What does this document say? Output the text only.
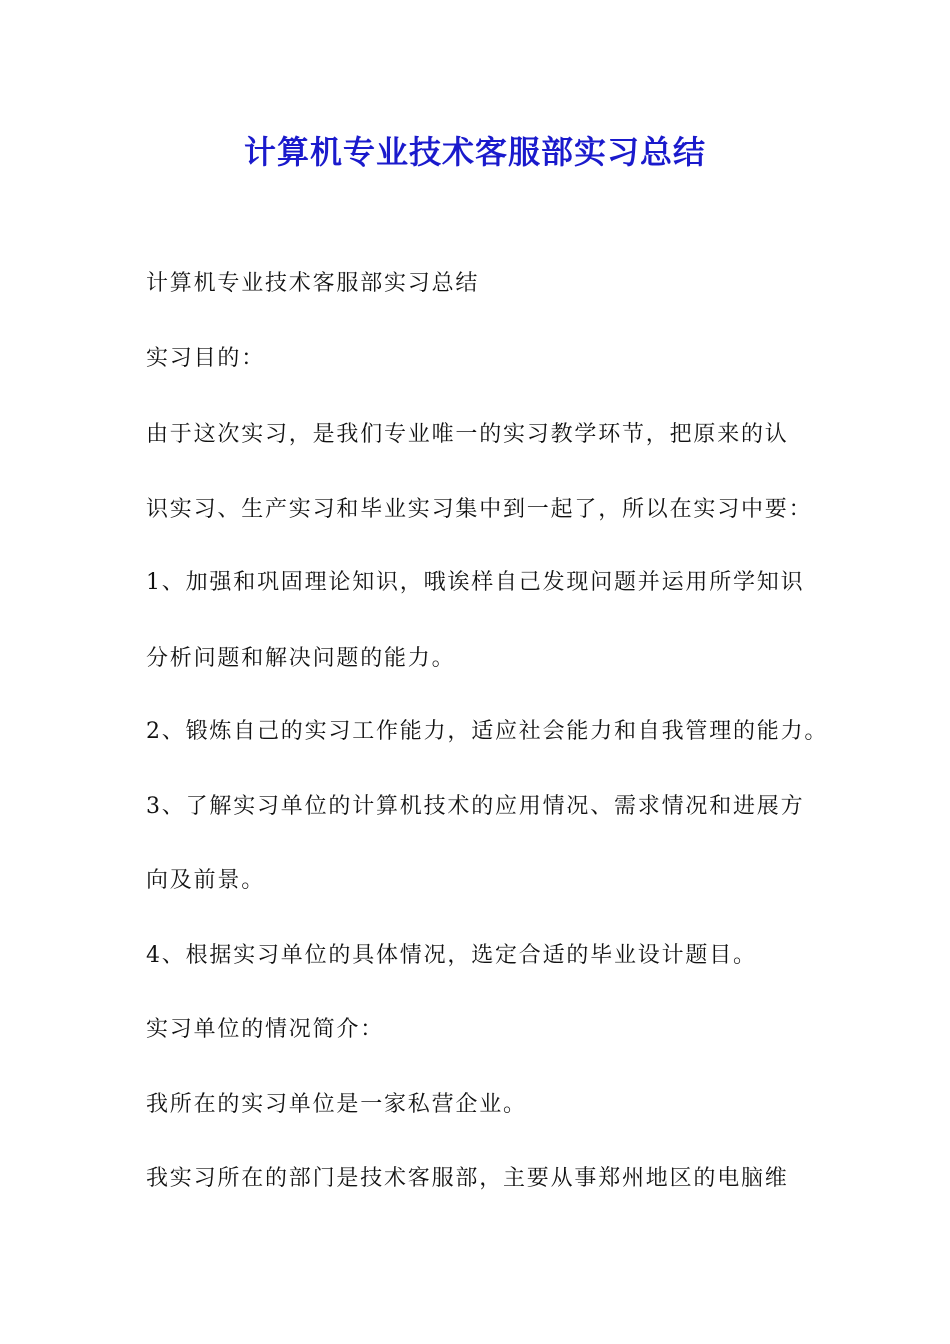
计算机专业技术客服部实习总结
计算机专业技术客服部实习总结
实习目的：
由于这次实习，是我们专业唯一的实习教学环节，把原来的认
识实习、生产实习和毕业实习集中到一起了，所以在实习中要：
1、加强和巩固理论知识，哦诶样自己发现问题并运用所学知识
分析问题和解决问题的能力。
2、锻炼自己的实习工作能力，适应社会能力和自我管理的能力。
3、了解实习单位的计算机技术的应用情况、需求情况和进展方
向及前景。
4、根据实习单位的具体情况，选定合适的毕业设计题目。
实习单位的情况简介：
我所在的实习单位是一家私营企业。
我实习所在的部门是技术客服部，主要从事郑州地区的电脑维
